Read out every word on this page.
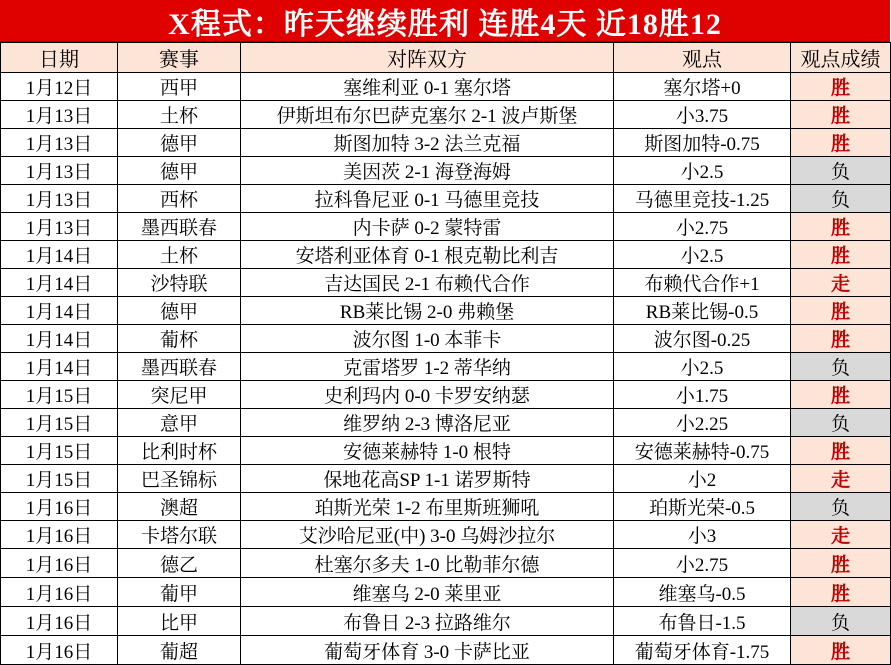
X程式：昨天继续胜利 连胜4天 近18胜12
日期	赛事	对阵双方	观点	观点成绩
1月12日	西甲	塞维利亚 0-1 塞尔塔	塞尔塔+0	胜
1月13日	土杯	伊斯坦布尔巴萨克塞尔 2-1 波卢斯堡	小3.75	胜
1月13日	德甲	斯图加特 3-2 法兰克福	斯图加特-0.75	胜
1月13日	德甲	美因茨 2-1 海登海姆	小2.5	负
1月13日	西杯	拉科鲁尼亚 0-1 马德里竞技	马德里竞技-1.25	负
1月13日	墨西联春	内卡萨 0-2 蒙特雷	小2.75	胜
1月14日	土杯	安塔利亚体育 0-1 根克勒比利吉	小2.5	胜
1月14日	沙特联	吉达国民 2-1 布赖代合作	布赖代合作+1	走
1月14日	德甲	RB莱比锡 2-0 弗赖堡	RB莱比锡-0.5	胜
1月14日	葡杯	波尔图 1-0 本菲卡	波尔图-0.25	胜
1月14日	墨西联春	克雷塔罗 1-2 蒂华纳	小2.5	负
1月15日	突尼甲	史利玛内 0-0 卡罗安纳瑟	小1.75	胜
1月15日	意甲	维罗纳 2-3 博洛尼亚	小2.25	负
1月15日	比利时杯	安德莱赫特 1-0 根特	安德莱赫特-0.75	胜
1月15日	巴圣锦标	保地花高SP 1-1 诺罗斯特	小2	走
1月16日	澳超	珀斯光荣 1-2 布里斯班狮吼	珀斯光荣-0.5	负
1月16日	卡塔尔联	艾沙哈尼亚(中) 3-0 乌姆沙拉尔	小3	走
1月16日	德乙	杜塞尔多夫 1-0 比勒菲尔德	小2.75	胜
1月16日	葡甲	维塞乌 2-0 莱里亚	维塞乌-0.5	胜
1月16日	比甲	布鲁日 2-3 拉路维尔	布鲁日-1.5	负
1月16日	葡超	葡萄牙体育 3-0 卡萨比亚	葡萄牙体育-1.75	胜
